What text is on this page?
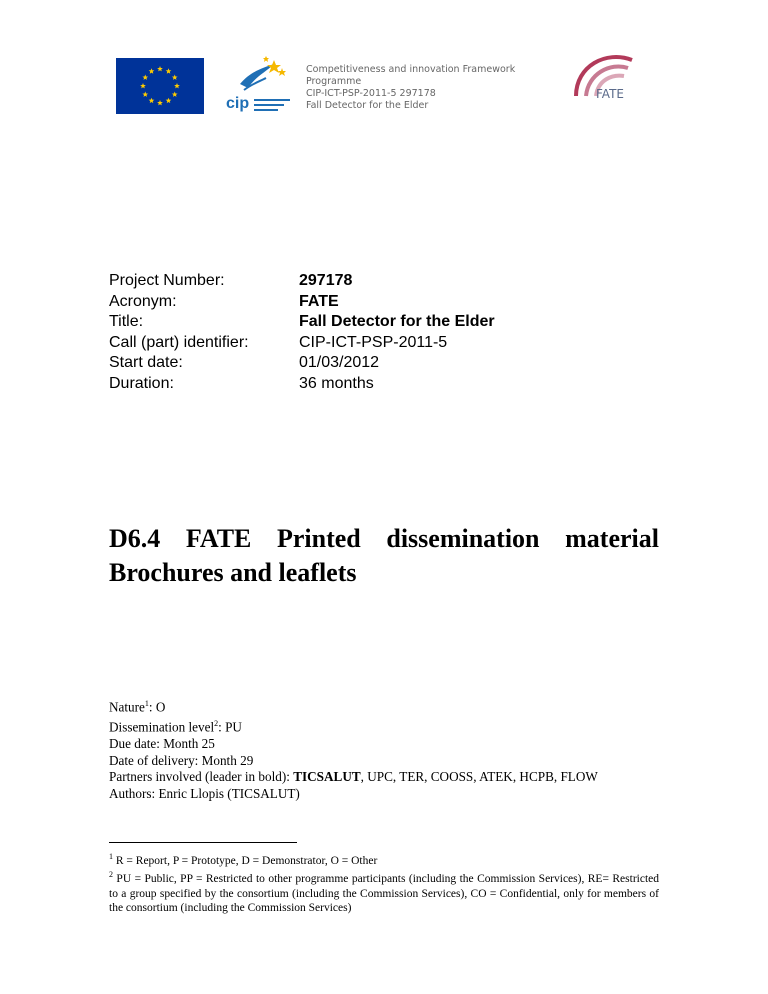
cip
Competitiveness and innovation Framework
Programme
CIP-ICT-PSP-2011-5 297178
Fall Detector for the Elder
FATE
Project Number:	297178
Acronym:	FATE
Title:	Fall Detector for the Elder
Call (part) identifier:	CIP-ICT-PSP-2011-5
Start date:	01/03/2012
Duration:	36 months
D6.4 FATE Printed dissemination material
Brochures and leaflets
Nature$^1$: O
Dissemination level$^2$: PU
Due date: Month 25
Date of delivery: Month 29
Partners involved (leader in bold): TICSALUT, UPC, TER, COOSS, ATEK, HCPB, FLOW
Authors: Enric Llopis (TICSALUT)
$^1$ R = Report, P = Prototype, D = Demonstrator, O = Other
$^2$ PU = Public, PP = Restricted to other programme participants (including the Commission Services), RE= Restricted to a group specified by the consortium (including the Commission Services), CO = Confidential, only for members of the consortium (including the Commission Services)
